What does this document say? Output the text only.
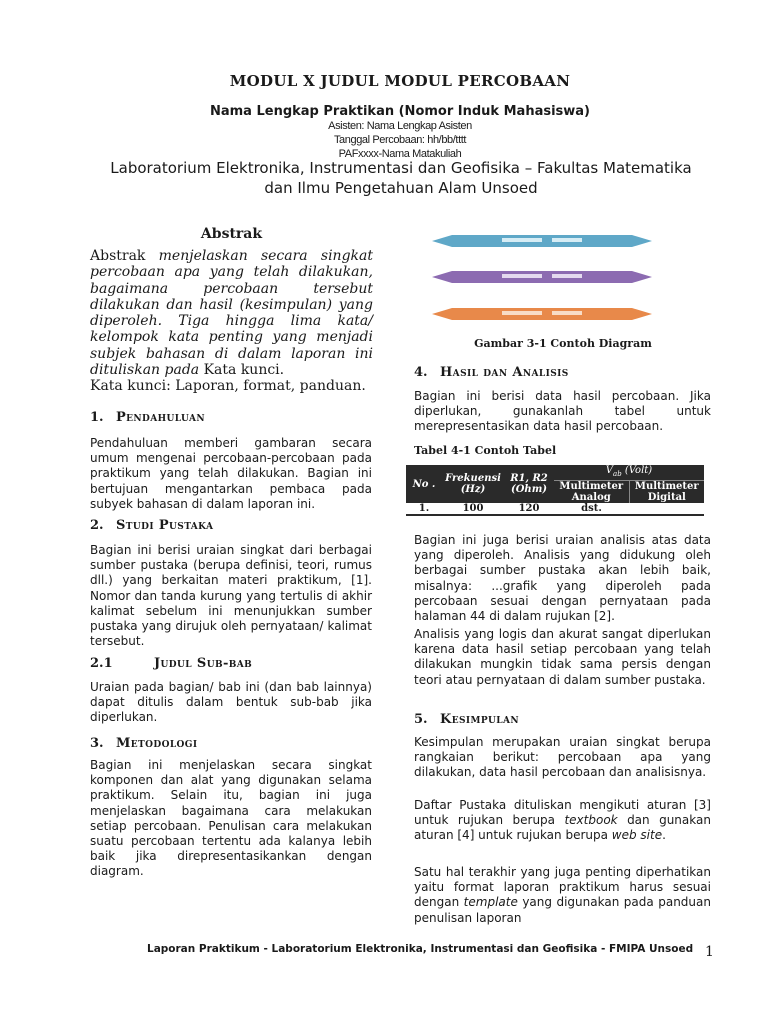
MODUL X JUDUL MODUL PERCOBAAN
Nama Lengkap Praktikan (Nomor Induk Mahasiswa)
Asisten: Nama Lengkap Asisten
Tanggal Percobaan: hh/bb/tttt
PAFxxxx-Nama Matakuliah
Laboratorium Elektronika, Instrumentasi dan Geofisika – Fakultas Matematika
dan Ilmu Pengetahuan Alam Unsoed
Abstrak
Abstrak menjelaskan secara singkat percobaan apa yang telah dilakukan, bagaimana percobaan tersebut dilakukan dan hasil (kesimpulan) yang diperoleh. Tiga hingga lima kata/ kelompok kata penting yang menjadi subjek bahasan di dalam laporan ini dituliskan pada Kata kunci.
Kata kunci: Laporan, format, panduan.
1. Pendahuluan
Pendahuluan memberi gambaran secara umum mengenai percobaan-percobaan pada praktikum yang telah dilakukan. Bagian ini bertujuan mengantarkan pembaca pada subyek bahasan di dalam laporan ini.
2. Studi Pustaka
Bagian ini berisi uraian singkat dari berbagai sumber pustaka (berupa definisi, teori, rumus dll.) yang berkaitan materi praktikum, [1]. Nomor dan tanda kurung yang tertulis di akhir kalimat sebelum ini menunjukkan sumber pustaka yang dirujuk oleh pernyataan/ kalimat tersebut.
2.1	Judul Sub-bab
Uraian pada bagian/ bab ini (dan bab lainnya) dapat ditulis dalam bentuk sub-bab jika diperlukan.
3. Metodologi
Bagian ini menjelaskan secara singkat komponen dan alat yang digunakan selama praktikum. Selain itu, bagian ini juga menjelaskan bagaimana cara melakukan setiap percobaan. Penulisan cara melakukan suatu percobaan tertentu ada kalanya lebih baik jika direpresentasikankan dengan diagram.
Gambar 3-1 Contoh Diagram
4. Hasil dan Analisis
Bagian ini berisi data hasil percobaan. Jika diperlukan, gunakanlah tabel untuk merepresentasikan data hasil percobaan.
Tabel 4-1 Contoh Tabel
No .	Frekuensi (Hz)	R1, R2 (Ohm)	$V_{ab}$ (Volt)	
			Multimeter Analog	Multimeter Digital
1.	100	120	dst.	
Bagian ini juga berisi uraian analisis atas data yang diperoleh. Analisis yang didukung oleh berbagai sumber pustaka akan lebih baik, misalnya: ...grafik yang diperoleh pada percobaan sesuai dengan pernyataan pada halaman 44 di dalam rujukan [2].
Analisis yang logis dan akurat sangat diperlukan karena data hasil setiap percobaan yang telah dilakukan mungkin tidak sama persis dengan teori atau pernyataan di dalam sumber pustaka.
5. Kesimpulan
Kesimpulan merupakan uraian singkat berupa rangkaian berikut: percobaan apa yang dilakukan, data hasil percobaan dan analisisnya.
Daftar Pustaka dituliskan mengikuti aturan [3] untuk rujukan berupa textbook dan gunakan aturan [4] untuk rujukan berupa web site.
Satu hal terakhir yang juga penting diperhatikan yaitu format laporan praktikum harus sesuai dengan template yang digunakan pada panduan penulisan laporan
Laporan Praktikum - Laboratorium Elektronika, Instrumentasi dan Geofisika - FMIPA Unsoed 1
